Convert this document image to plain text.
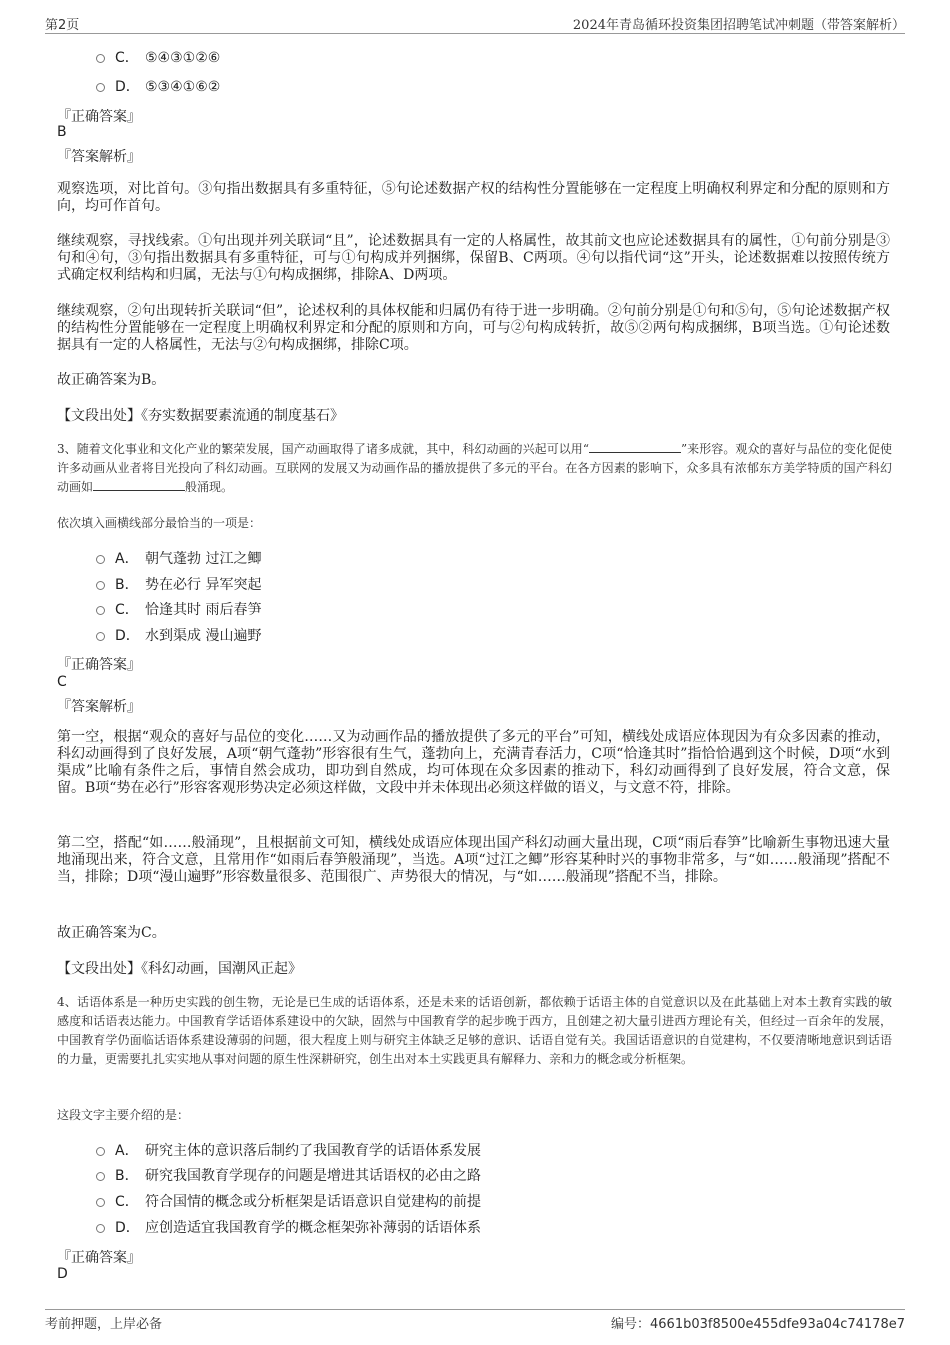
第2页	2024年青岛循环投资集团招聘笔试冲刺题（带答案解析）
C． ⑤④③①②⑥
D． ⑤③④①⑥②
『正确答案』
B
『答案解析』

观察选项，对比首句。③句指出数据具有多重特征，⑤句论述数据产权的结构性分置能够在一定程度上明确权利界定和分配的原则和方向，均可作首句。

继续观察，寻找线索。①句出现并列关联词“且”，论述数据具有一定的人格属性，故其前文也应论述数据具有的属性，①句前分别是③句和④句，③句指出数据具有多重特征，可与①句构成并列捆绑，保留B、C两项。④句以指代词“这”开头，论述数据难以按照传统方式确定权利结构和归属，无法与①句构成捆绑，排除A、D两项。

继续观察，②句出现转折关联词“但”，论述权利的具体权能和归属仍有待于进一步明确。②句前分别是①句和⑤句，⑤句论述数据产权的结构性分置能够在一定程度上明确权利界定和分配的原则和方向，可与②句构成转折，故⑤②两句构成捆绑，B项当选。①句论述数据具有一定的人格属性，无法与②句构成捆绑，排除C项。

故正确答案为B。

【文段出处】《夯实数据要素流通的制度基石》

3、随着文化事业和文化产业的繁荣发展，国产动画取得了诸多成就，其中，科幻动画的兴起可以用“	”来形容。观众的喜好与品位的变化促使许多动画从业者将目光投向了科幻动画。互联网的发展又为动画作品的播放提供了多元的平台。在各方因素的影响下，众多具有浓郁东方美学特质的国产科幻动画如	般涌现。

依次填入画横线部分最恰当的一项是：
A． 朝气蓬勃 过江之鲫
B． 势在必行 异军突起
C． 恰逢其时 雨后春笋
D． 水到渠成 漫山遍野
『正确答案』
C
『答案解析』

第一空，根据“观众的喜好与品位的变化……又为动画作品的播放提供了多元的平台”可知，横线处成语应体现因为有众多因素的推动，科幻动画得到了良好发展，A项“朝气蓬勃”形容很有生气，蓬勃向上，充满青春活力，C项“恰逢其时”指恰恰遇到这个时候，D项“水到渠成”比喻有条件之后，事情自然会成功，即功到自然成，均可体现在众多因素的推动下，科幻动画得到了良好发展，符合文意，保留。B项“势在必行”形容客观形势决定必须这样做，文段中并未体现出必须这样做的语义，与文意不符，排除。

第二空，搭配“如……般涌现”，且根据前文可知，横线处成语应体现出国产科幻动画大量出现，C项“雨后春笋”比喻新生事物迅速大量地涌现出来，符合文意，且常用作“如雨后春笋般涌现”，当选。A项“过江之鲫”形容某种时兴的事物非常多，与“如……般涌现”搭配不当，排除；D项“漫山遍野”形容数量很多、范围很广、声势很大的情况，与“如……般涌现”搭配不当，排除。

故正确答案为C。

【文段出处】《科幻动画，国潮风正起》

4、话语体系是一种历史实践的创生物，无论是已生成的话语体系，还是未来的话语创新，都依赖于话语主体的自觉意识以及在此基础上对本土教育实践的敏感度和话语表达能力。中国教育学话语体系建设中的欠缺，固然与中国教育学的起步晚于西方，且创建之初大量引进西方理论有关，但经过一百余年的发展，中国教育学仍面临话语体系建设薄弱的问题，很大程度上则与研究主体缺乏足够的意识、话语自觉有关。我国话语意识的自觉建构，不仅要清晰地意识到话语的力量，更需要扎扎实实地从事对问题的原生性深耕研究，创生出对本土实践更具有解释力、亲和力的概念或分析框架。

这段文字主要介绍的是：
A． 研究主体的意识落后制约了我国教育学的话语体系发展
B． 研究我国教育学现存的问题是增进其话语权的必由之路
C． 符合国情的概念或分析框架是话语意识自觉建构的前提
D． 应创造适宜我国教育学的概念框架弥补薄弱的话语体系
『正确答案』
D
考前押题，上岸必备	编号：4661b03f8500e455dfe93a04c74178e7
